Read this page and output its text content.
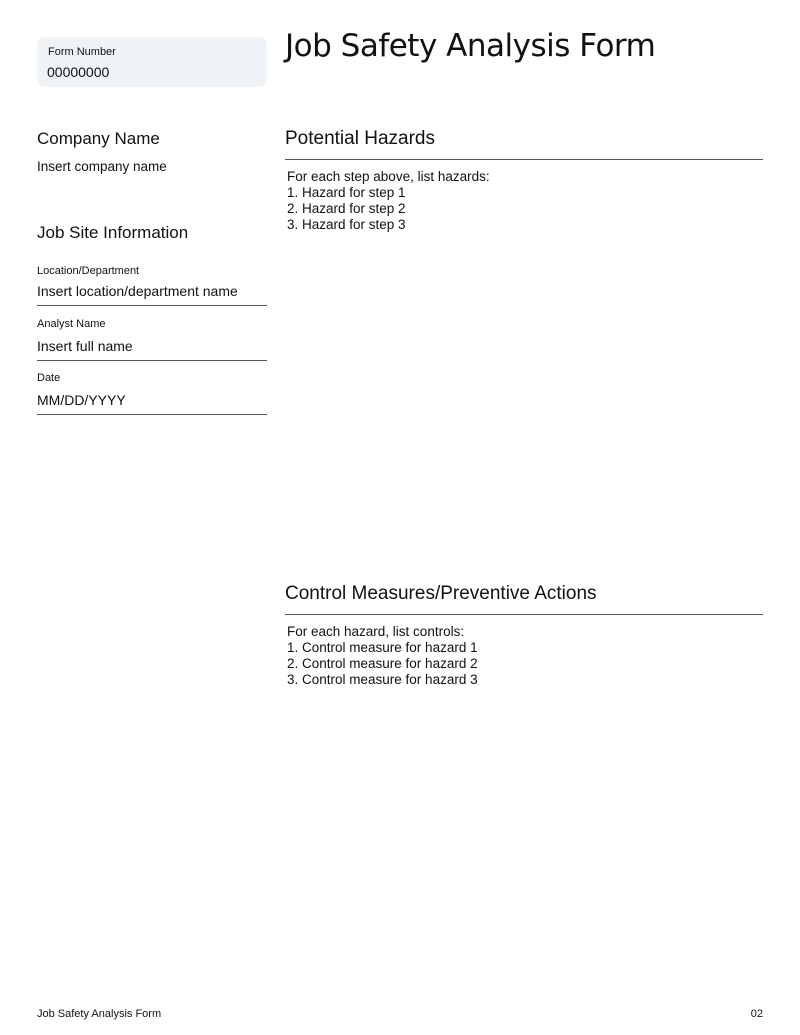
Form Number
00000000
Job Safety Analysis Form
Company Name
Insert company name
Job Site Information
Location/Department
Insert location/department name
Analyst Name
Insert full name
Date
MM/DD/YYYY
Potential Hazards
For each step above, list hazards:
1. Hazard for step 1
2. Hazard for step 2
3. Hazard for step 3
Control Measures/Preventive Actions
For each hazard, list controls:
1. Control measure for hazard 1
2. Control measure for hazard 2
3. Control measure for hazard 3
Job Safety Analysis Form	02
